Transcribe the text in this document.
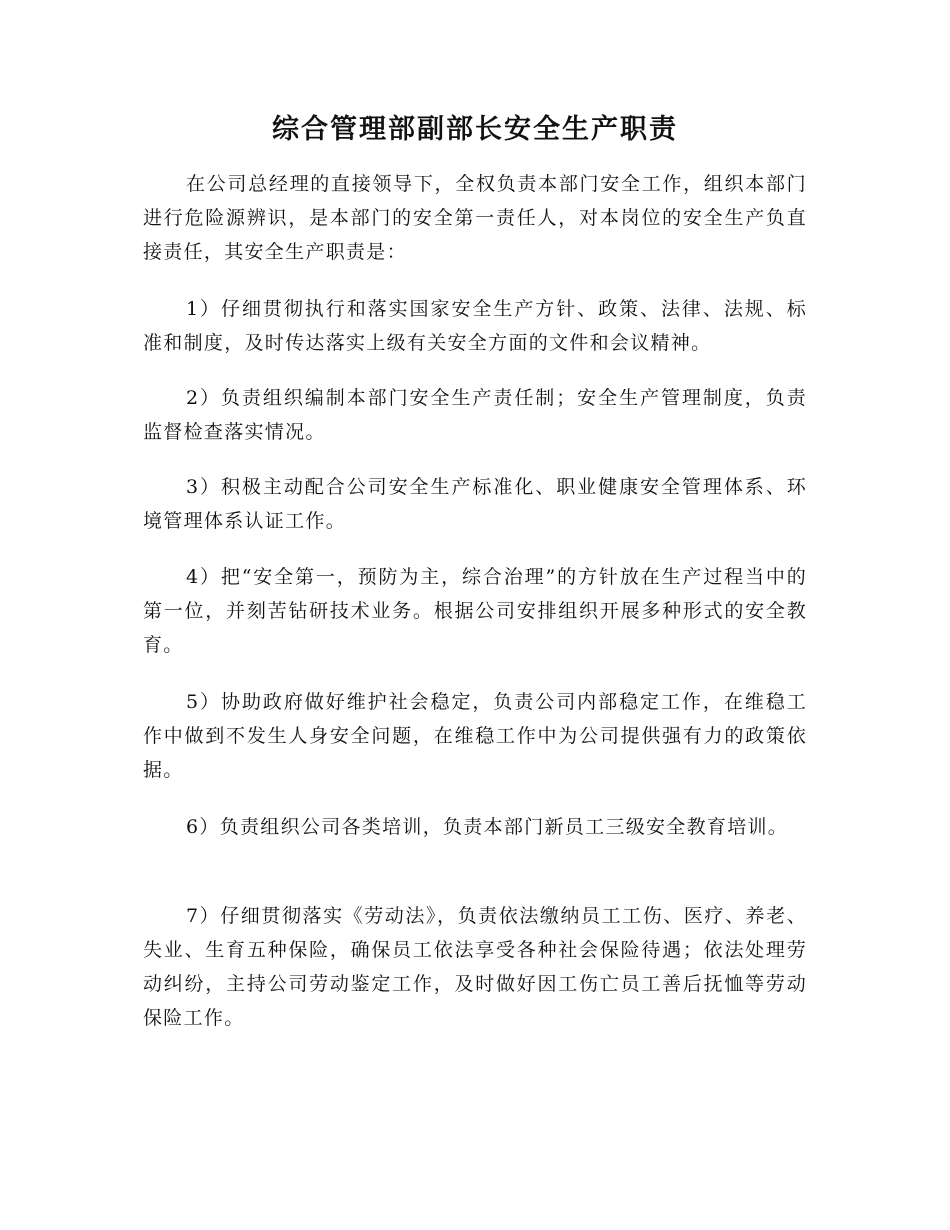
综合管理部副部长安全生产职责

在公司总经理的直接领导下，全权负责本部门安全工作，组织本部门进行危险源辨识，是本部门的安全第一责任人，对本岗位的安全生产负直接责任，其安全生产职责是：

1）仔细贯彻执行和落实国家安全生产方针、政策、法律、法规、标准和制度，及时传达落实上级有关安全方面的文件和会议精神。

2）负责组织编制本部门安全生产责任制；安全生产管理制度，负责监督检查落实情况。

3）积极主动配合公司安全生产标准化、职业健康安全管理体系、环境管理体系认证工作。

4）把“安全第一，预防为主，综合治理”的方针放在生产过程当中的第一位，并刻苦钻研技术业务。根据公司安排组织开展多种形式的安全教育。

5）协助政府做好维护社会稳定，负责公司内部稳定工作，在维稳工作中做到不发生人身安全问题，在维稳工作中为公司提供强有力的政策依据。

6）负责组织公司各类培训，负责本部门新员工三级安全教育培训。

7）仔细贯彻落实《劳动法》，负责依法缴纳员工工伤、医疗、养老、失业、生育五种保险，确保员工依法享受各种社会保险待遇；依法处理劳动纠纷，主持公司劳动鉴定工作，及时做好因工伤亡员工善后抚恤等劳动保险工作。
